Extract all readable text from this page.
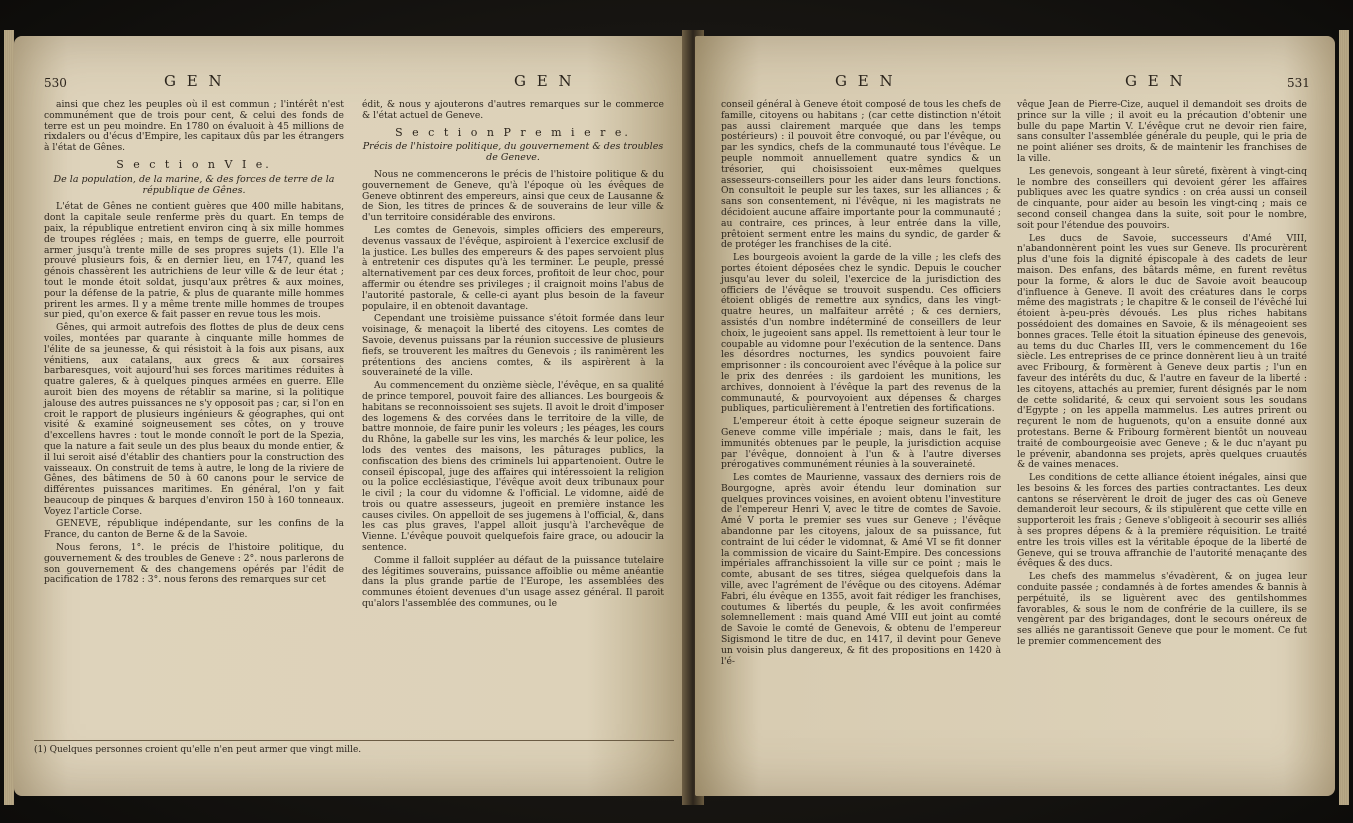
530	G E N	G E N

ainsi que chez les peuples où il est commun ; l'intérêt n'est communément que de trois pour cent, & celui des fonds de terre est un peu moindre. En 1780 on évaluoit à 45 millions de rixdalers ou d'écus d'Empire, les capitaux dûs par les étrangers à l'état de Gênes.

S e c t i o n V I e.
De la population, de la marine, & des forces de terre de la république de Gênes.

L'état de Gênes ne contient guères que 400 mille habitans, dont la capitale seule renferme près du quart. En temps de paix, la république entretient environ cinq à six mille hommes de troupes réglées ; mais, en temps de guerre, elle pourroit armer jusqu'à trente mille de ses propres sujets (1). Elle l'a prouvé plusieurs fois, & en dernier lieu, en 1747, quand les génois chassèrent les autrichiens de leur ville & de leur état ; tout le monde étoit soldat, jusqu'aux prêtres & aux moines, pour la défense de la patrie, & plus de quarante mille hommes prirent les armes. Il y a même trente mille hommes de troupes sur pied, qu'on exerce & fait passer en revue tous les mois.

Gênes, qui armoit autrefois des flottes de plus de deux cens voiles, montées par quarante à cinquante mille hommes de l'élite de sa jeunesse, & qui résistoit à la fois aux pisans, aux vénitiens, aux catalans, aux grecs & aux corsaires barbaresques, voit aujourd'hui ses forces maritimes réduites à quatre galeres, & à quelques pinques armées en guerre. Elle auroit bien des moyens de rétablir sa marine, si la politique jalouse des autres puissances ne s'y opposoit pas ; car, si l'on en croit le rapport de plusieurs ingénieurs & géographes, qui ont visité & examiné soigneusement ses côtes, on y trouve d'excellens havres : tout le monde connoît le port de la Spezia, que la nature a fait seule un des plus beaux du monde entier, & il lui seroit aisé d'établir des chantiers pour la construction des vaisseaux. On construit de tems à autre, le long de la riviere de Gênes, des bâtimens de 50 à 60 canons pour le service de différentes puissances maritimes. En général, l'on y fait beaucoup de pinques & barques d'environ 150 à 160 tonneaux. Voyez l'article Corse.

GENEVE, république indépendante, sur les confins de la France, du canton de Berne & de la Savoie.

Nous ferons, 1°. le précis de l'histoire politique, du gouvernement & des troubles de Geneve : 2°. nous parlerons de son gouvernement & des changemens opérés par l'édit de pacification de 1782 : 3°. nous ferons des remarques sur cet

édit, & nous y ajouterons d'autres remarques sur le commerce & l'état actuel de Geneve.

S e c t i o n P r e m i e r e.
Précis de l'histoire politique, du gouvernement & des troubles de Geneve.

Nous ne commencerons le précis de l'histoire politique & du gouvernement de Geneve, qu'à l'époque où les évêques de Geneve obtinrent des empereurs, ainsi que ceux de Lausanne & de Sion, les titres de princes & de souverains de leur ville & d'un territoire considérable des environs.

Les comtes de Genevois, simples officiers des empereurs, devenus vassaux de l'évêque, aspiroient à l'exercice exclusif de la justice. Les bulles des empereurs & des papes servoient plus à entretenir ces disputes qu'à les terminer. Le peuple, pressé alternativement par ces deux forces, profitoit de leur choc, pour affermir ou étendre ses privileges ; il craignoit moins l'abus de l'autorité pastorale, & celle-ci ayant plus besoin de la faveur populaire, il en obtenoit davantage.

Cependant une troisième puissance s'étoit formée dans leur voisinage, & menaçoit la liberté des citoyens. Les comtes de Savoie, devenus puissans par la réunion successive de plusieurs fiefs, se trouverent les maîtres du Genevois ; ils ranimèrent les prétentions des anciens comtes, & ils aspirèrent à la souveraineté de la ville.

Au commencement du onzième siècle, l'évêque, en sa qualité de prince temporel, pouvoit faire des alliances. Les bourgeois & habitans se reconnoissoient ses sujets. Il avoit le droit d'imposer des logemens & des corvées dans le territoire de la ville, de battre monnoie, de faire punir les voleurs ; les péages, les cours du Rhône, la gabelle sur les vins, les marchés & leur police, les lods des ventes des maisons, les pâturages publics, la confiscation des biens des criminels lui appartenoient. Outre le conseil épiscopal, juge des affaires qui intéressoient la religion ou la police ecclésiastique, l'évêque avoit deux tribunaux pour le civil ; la cour du vidomne & l'official. Le vidomne, aidé de trois ou quatre assesseurs, jugeoit en première instance les causes civiles. On appelloit de ses jugemens à l'official, &, dans les cas plus graves, l'appel alloit jusqu'à l'archevêque de Vienne. L'évêque pouvoit quelquefois faire grace, ou adoucir la sentence.

Comme il falloit suppléer au défaut de la puissance tutelaire des légitimes souverains, puissance affoiblie ou même anéantie dans la plus grande partie de l'Europe, les assemblées des communes étoient devenues d'un usage assez général. Il paroit qu'alors l'assemblée des communes, ou le

(1) Quelques personnes croient qu'elle n'en peut armer que vingt mille.
G E N	G E N	531

conseil général à Geneve étoit composé de tous les chefs de famille, citoyens ou habitans ; (car cette distinction n'étoit pas aussi clairement marquée que dans les temps postérieurs) : il pouvoit être convoqué, ou par l'évêque, ou par les syndics, chefs de la communauté tous l'évêque. Le peuple nommoit annuellement quatre syndics & un trésorier, qui choisissoient eux-mêmes quelques assesseurs-conseillers pour les aider dans leurs fonctions. On consultoit le peuple sur les taxes, sur les alliances ; & sans son consentement, ni l'évêque, ni les magistrats ne décidoient aucune affaire importante pour la communauté ; au contraire, ces princes, à leur entrée dans la ville, prêtoient serment entre les mains du syndic, de garder & de protéger les franchises de la cité.

Les bourgeois avoient la garde de la ville ; les clefs des portes étoient déposées chez le syndic. Depuis le coucher jusqu'au lever du soleil, l'exercice de la jurisdiction des officiers de l'évêque se trouvoit suspendu. Ces officiers étoient obligés de remettre aux syndics, dans les vingt-quatre heures, un malfaiteur arrêté ; & ces derniers, assistés d'un nombre indéterminé de conseillers de leur choix, le jugeoient sans appel. Ils remettoient à leur tour le coupable au vidomne pour l'exécution de la sentence. Dans les désordres nocturnes, les syndics pouvoient faire emprisonner : ils concouroient avec l'évêque à la police sur le prix des denrées : ils gardoient les munitions, les archives, donnoient à l'évêque la part des revenus de la communauté, & pourvoyoient aux dépenses & charges publiques, particulièrement à l'entretien des fortifications.

L'empereur étoit à cette époque seigneur suzerain de Geneve comme ville impériale ; mais, dans le fait, les immunités obtenues par le peuple, la jurisdiction acquise par l'évêque, donnoient à l'un & à l'autre diverses prérogatives communément réunies à la souveraineté.

Les comtes de Maurienne, vassaux des derniers rois de Bourgogne, après avoir étendu leur domination sur quelques provinces voisines, en avoient obtenu l'investiture de l'empereur Henri V, avec le titre de comtes de Savoie. Amé V porta le premier ses vues sur Geneve ; l'évêque abandonne par les citoyens, jaloux de sa puissance, fut contraint de lui céder le vidomnat, & Amé VI se fit donner la commission de vicaire du Saint-Empire. Des concessions impériales affranchissoient la ville sur ce point ; mais le comte, abusant de ses titres, siégea quelquefois dans la ville, avec l'agrément de l'évêque ou des citoyens. Adémar Fabri, élu évêque en 1355, avoit fait rédiger les franchises, coutumes & libertés du peuple, & les avoit confirmées solemnellement : mais quand Amé VIII eut joint au comté de Savoie le comté de Genevois, & obtenu de l'empereur Sigismond le titre de duc, en 1417, il devint pour Geneve un voisin plus dangereux, & fit des propositions en 1420 à l'é-

vêque Jean de Pierre-Cize, auquel il demandoit ses droits de prince sur la ville ; il avoit eu la précaution d'obtenir une bulle du pape Martin V. L'évêque crut ne devoir rien faire, sans consulter l'assemblée générale du peuple, qui le pria de ne point aliéner ses droits, & de maintenir les franchises de la ville.

Les genevois, songeant à leur sûreté, fixèrent à vingt-cinq le nombre des conseillers qui devoient gérer les affaires publiques avec les quatre syndics : on créa aussi un conseil de cinquante, pour aider au besoin les vingt-cinq ; mais ce second conseil changea dans la suite, soit pour le nombre, soit pour l'étendue des pouvoirs.

Les ducs de Savoie, successeurs d'Amé VIII, n'abandonnèrent point les vues sur Geneve. Ils procurèrent plus d'une fois la dignité épiscopale à des cadets de leur maison. Des enfans, des bâtards même, en furent revêtus pour la forme, & alors le duc de Savoie avoit beaucoup d'influence à Geneve. Il avoit des créatures dans le corps même des magistrats ; le chapitre & le conseil de l'évêché lui étoient à-peu-près dévoués. Les plus riches habitans possédoient des domaines en Savoie, & ils ménageoient ses bonnes graces. Telle étoit la situation épineuse des genevois, au tems du duc Charles III, vers le commencement du 16e siècle. Les entreprises de ce prince donnèrent lieu à un traité avec Fribourg, & formèrent à Geneve deux partis ; l'un en faveur des intérêts du duc, & l'autre en faveur de la liberté : les citoyens, attachés au premier, furent désignés par le nom de cette solidarité, & ceux qui servoient sous les soudans d'Egypte ; on les appella mammelus. Les autres prirent ou reçurent le nom de huguenots, qu'on a ensuite donné aux protestans. Berne & Fribourg formèrent bientôt un nouveau traité de combourgeoisie avec Geneve ; & le duc n'ayant pu le prévenir, abandonna ses projets, après quelques cruautés & de vaines menaces.

Les conditions de cette alliance étoient inégales, ainsi que les besoins & les forces des parties contractantes. Les deux cantons se réservèrent le droit de juger des cas où Geneve demanderoit leur secours, & ils stipulèrent que cette ville en supporteroit les frais ; Geneve s'obligeoit à secourir ses alliés à ses propres dépens & à la première réquisition. Le traité entre les trois villes est la véritable époque de la liberté de Geneve, qui se trouva affranchie de l'autorité menaçante des évêques & des ducs.

Les chefs des mammelus s'évadèrent, & on jugea leur conduite passée ; condamnés à de fortes amendes & bannis à perpétuité, ils se liguèrent avec des gentilshommes favorables, & sous le nom de confrérie de la cuillere, ils se vengèrent par des brigandages, dont le secours onéreux de ses alliés ne garantissoit Geneve que pour le moment. Ce fut le premier commencement des
